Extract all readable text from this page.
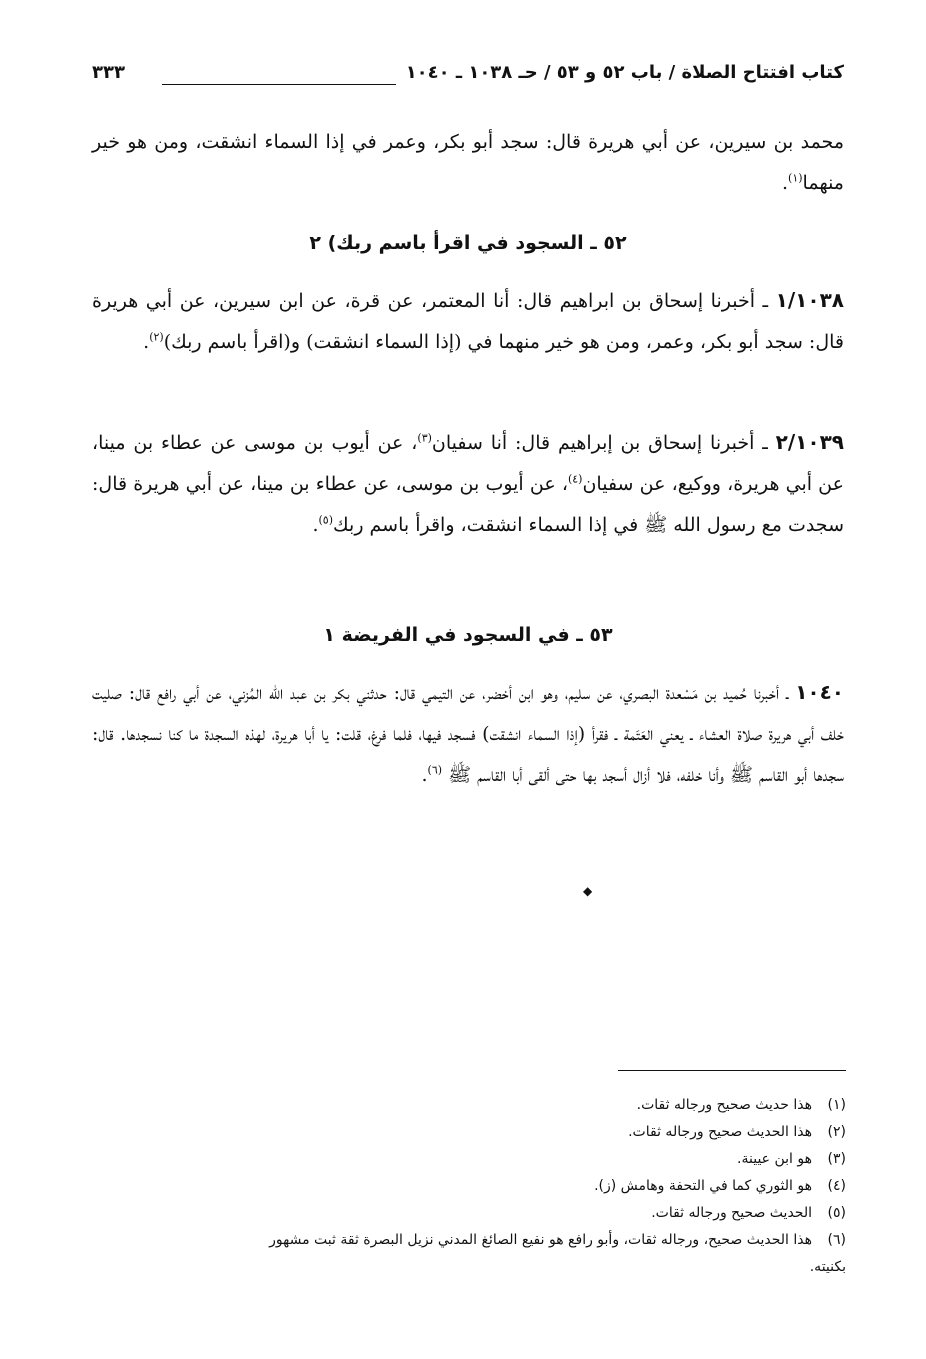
كتاب افتتاح الصلاة / باب ٥٢ و ٥٣ / حـ ١٠٣٨ ـ ١٠٤٠
٣٣٣

محمد بن سيرين، عن أبي هريرة قال: سجد أبو بكر، وعمر في إذا السماء انشقت، ومن هو خير منهما$^{(١)}$.

٥٢ ـ السجود في اقرأ باسم ربك) ٢

١/١٠٣٨ ـ أخبرنا إسحاق بن ابراهيم قال: أنا المعتمر، عن قرة، عن ابن سيرين، عن أبي هريرة قال: سجد أبو بكر، وعمر، ومن هو خير منهما في (إذا السماء انشقت) و(اقرأ باسم ربك)$^{(٢)}$.

٢/١٠٣٩ ـ أخبرنا إسحاق بن إبراهيم قال: أنا سفيان$^{(٣)}$، عن أيوب بن موسى عن عطاء بن مينا، عن أبي هريرة، ووكيع، عن سفيان$^{(٤)}$، عن أيوب بن موسى، عن عطاء بن مينا، عن أبي هريرة قال: سجدت مع رسول الله ﷺ في إذا السماء انشقت، واقرأ باسم ربك$^{(٥)}$.

٥٣ ـ في السجود في الفريضة ١

١٠٤٠ ـ أخبرنا حُميد بن مَسْعدة البصري، عن سليم، وهو ابن أخضر، عن التيمي قال: حدثني بكر بن عبد الله المُزني، عن أبي رافع قال: صليت خلف أبي هريرة صلاة العشاء ـ يعني العَتَمة ـ فقرأ (إذا السماء انشقت) فسجد فيها، فلما فرغ، قلت: يا أبا هريرة، لهذه السجدة ما كنا نسجدها. قال: سجدها أبو القاسم ﷺ وأنا خلفه، فلا أزال أسجد بها حتى ألقى أبا القاسم ﷺ $^{(٦)}$.

◆

(١)هذا حديث صحيح ورجاله ثقات.

(٢)هذا الحديث صحيح ورجاله ثقات.

(٣)هو ابن عيينة.

(٤)هو الثوري كما في التحفة وهامش (ز).

(٥)الحديث صحيح ورجاله ثقات.

(٦)هذا الحديث صحيح، ورجاله ثقات، وأبو رافع هو نفيع الصائغ المدني نزيل البصرة ثقة ثبت مشهور

بكنيته.
